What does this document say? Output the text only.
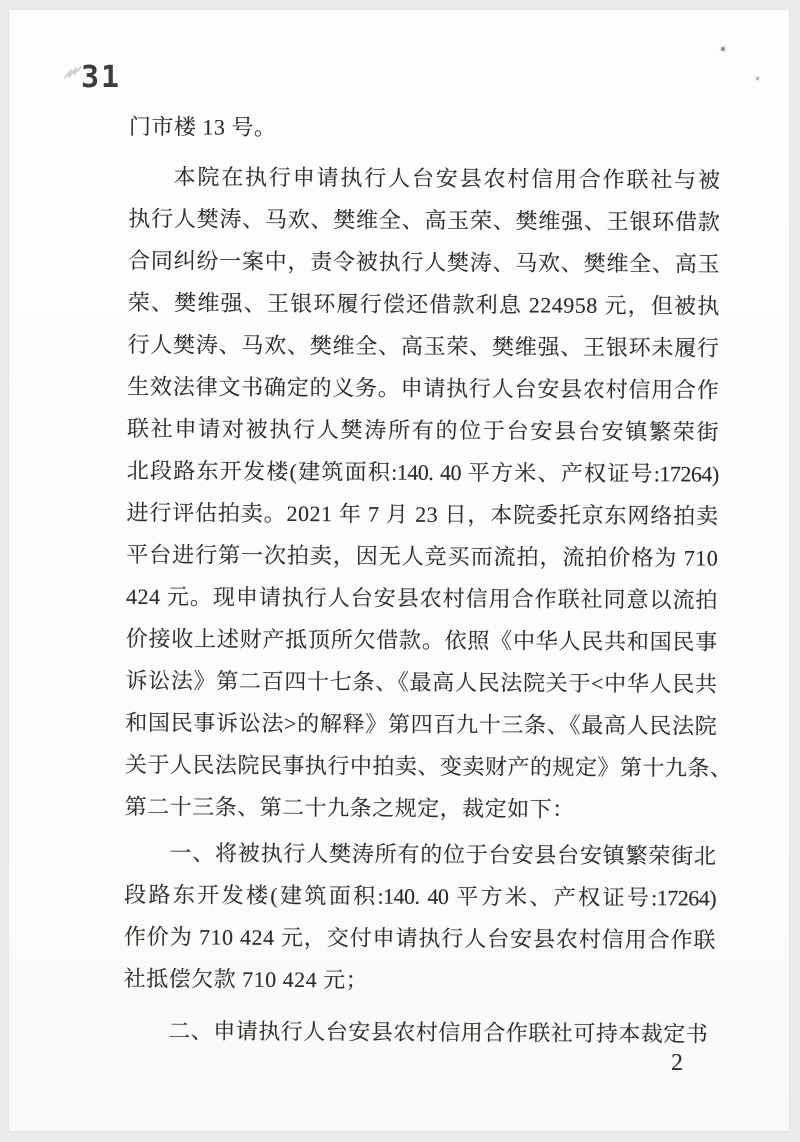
31
门市楼 13 号。
本院在执行申请执行人台安县农村信用合作联社与被
执行人樊涛、马欢、樊维全、高玉荣、樊维强、王银环借款
合同纠纷一案中，责令被执行人樊涛、马欢、樊维全、高玉
荣、樊维强、王银环履行偿还借款利息 224958 元，但被执
行人樊涛、马欢、樊维全、高玉荣、樊维强、王银环未履行
生效法律文书确定的义务。申请执行人台安县农村信用合作
联社申请对被执行人樊涛所有的位于台安县台安镇繁荣街
北段路东开发楼(建筑面积:140. 40 平方米、产权证号:17264)
进行评估拍卖。2021 年 7 月 23 日，本院委托京东网络拍卖
平台进行第一次拍卖，因无人竞买而流拍，流拍价格为 710
424 元。现申请执行人台安县农村信用合作联社同意以流拍
价接收上述财产抵顶所欠借款。依照《中华人民共和国民事
诉讼法》第二百四十七条、《最高人民法院关于<中华人民共
和国民事诉讼法>的解释》第四百九十三条、《最高人民法院
关于人民法院民事执行中拍卖、变卖财产的规定》第十九条、
第二十三条、第二十九条之规定，裁定如下：
一、将被执行人樊涛所有的位于台安县台安镇繁荣街北
段路东开发楼(建筑面积:140. 40 平方米、产权证号:17264)
作价为 710 424 元，交付申请执行人台安县农村信用合作联
社抵偿欠款 710 424 元；
二、申请执行人台安县农村信用合作联社可持本裁定书
2
